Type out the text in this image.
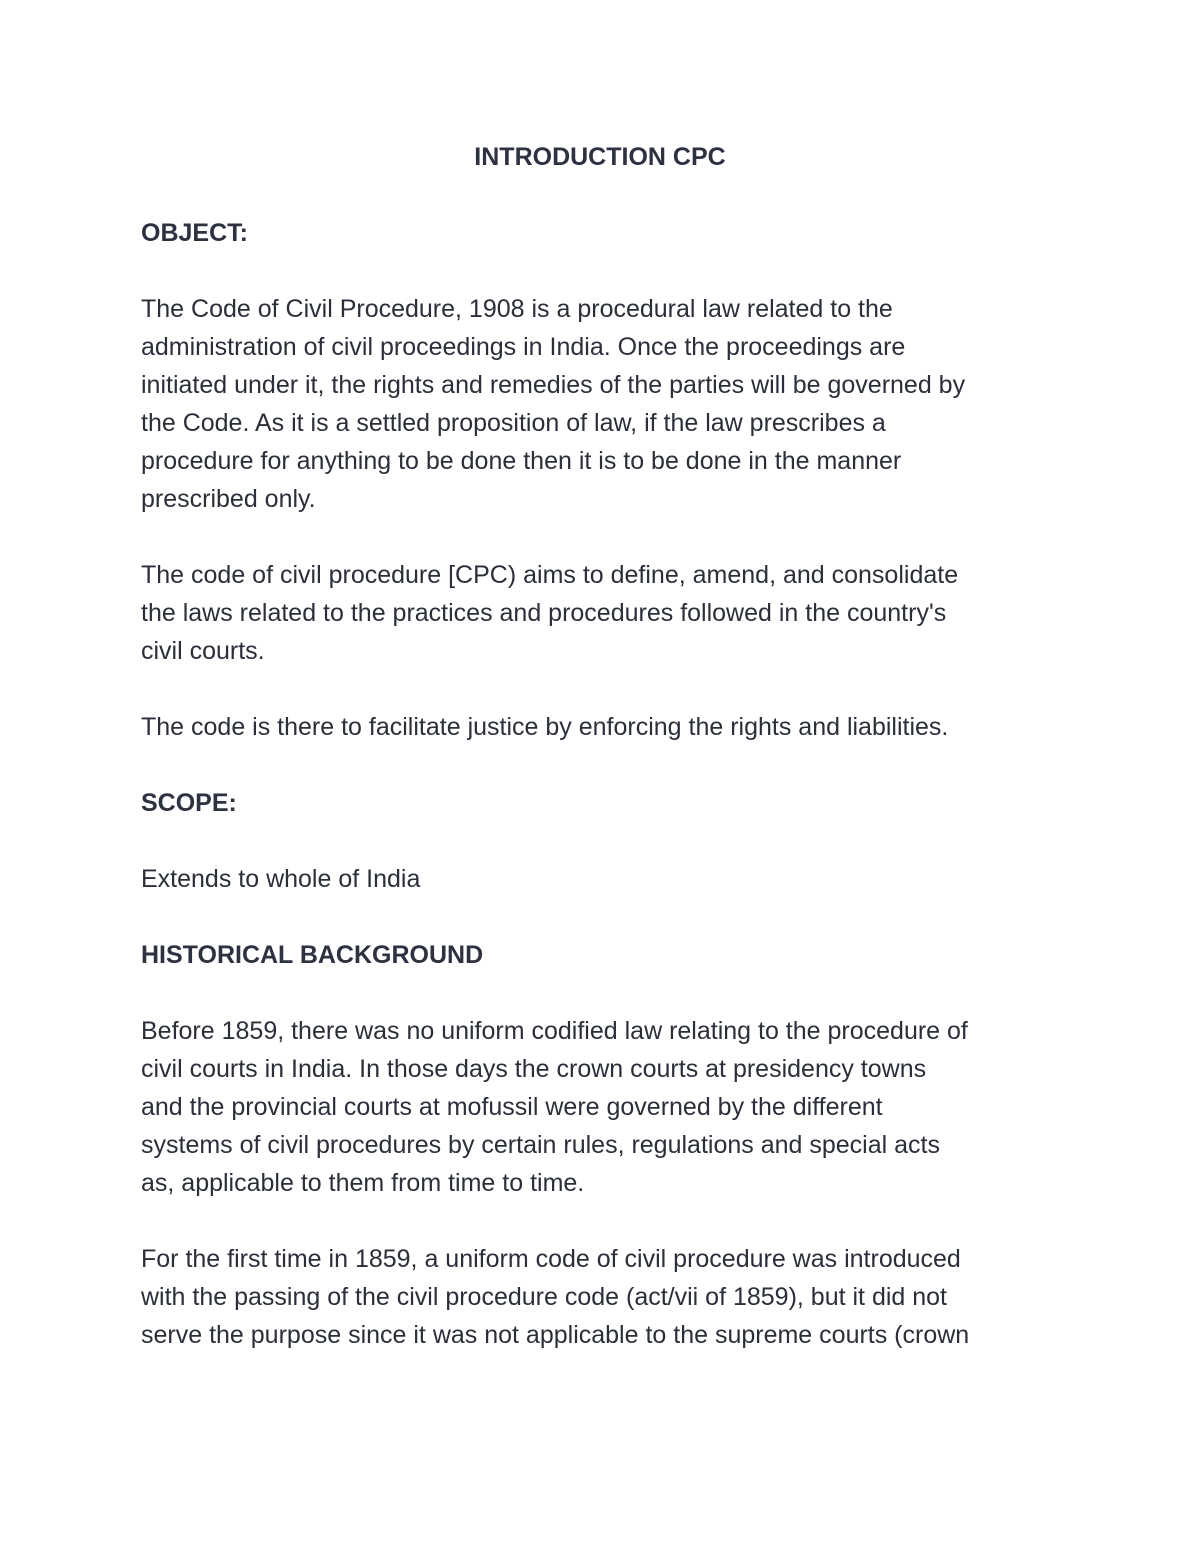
INTRODUCTION CPC
OBJECT:
The Code of Civil Procedure, 1908 is a procedural law related to the
administration of civil proceedings in India. Once the proceedings are
initiated under it, the rights and remedies of the parties will be governed by
the Code. As it is a settled proposition of law, if the law prescribes a
procedure for anything to be done then it is to be done in the manner
prescribed only.
The code of civil procedure [CPC) aims to define, amend, and consolidate
the laws related to the practices and procedures followed in the country's
civil courts.
The code is there to facilitate justice by enforcing the rights and liabilities.
SCOPE:
Extends to whole of India
HISTORICAL BACKGROUND
Before 1859, there was no uniform codified law relating to the procedure of
civil courts in India. In those days the crown courts at presidency towns
and the provincial courts at mofussil were governed by the different
systems of civil procedures by certain rules, regulations and special acts
as, applicable to them from time to time.
For the first time in 1859, a uniform code of civil procedure was introduced
with the passing of the civil procedure code (act/vii of 1859), but it did not
serve the purpose since it was not applicable to the supreme courts (crown
